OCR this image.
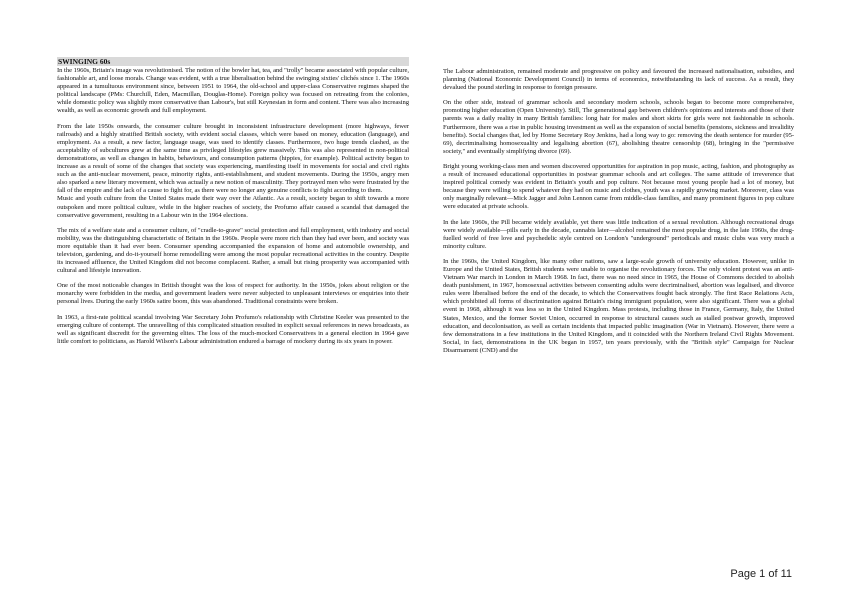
SWINGING 60s

In the 1960s, Britain's image was revolutionised. The notion of the bowler hat, tea, and "trolly" became associated with popular culture, fashionable art, and loose morals. Change was evident, with a true liberalisation behind the swinging sixties' clichés since 1. The 1960s appeared in a tumultuous environment since, between 1951 to 1964, the old-school and upper-class Conservative regimes shaped the political landscape (PMs: Churchill, Eden, Macmillan, Douglas-Home). Foreign policy was focused on retreating from the colonies, while domestic policy was slightly more conservative than Labour's, but still Keynesian in form and content. There was also increasing wealth, as well as economic growth and full employment.

From the late 1950s onwards, the consumer culture brought in inconsistent infrastructure development (more highways, fewer railroads) and a highly stratified British society, with evident social classes, which were based on money, education (language), and employment. As a result, a new factor, language usage, was used to identify classes. Furthermore, two huge trends clashed, as the acceptability of subcultures grew at the same time as privileged lifestyles grew massively. This was also represented in non-political demonstrations, as well as changes in habits, behaviours, and consumption patterns (hippies, for example). Political activity began to increase as a result of some of the changes that society was experiencing, manifesting itself in movements for social and civil rights such as the anti-nuclear movement, peace, minority rights, anti-establishment, and student movements. During the 1950s, angry men also sparked a new literary movement, which was actually a new notion of masculinity. They portrayed men who were frustrated by the fall of the empire and the lack of a cause to fight for, as there were no longer any genuine conflicts to fight according to them.

Music and youth culture from the United States made their way over the Atlantic. As a result, society began to shift towards a more outspoken and more political culture, while in the higher reaches of society, the Profumo affair caused a scandal that damaged the conservative government, resulting in a Labour win in the 1964 elections.

The mix of a welfare state and a consumer culture, of "cradle-to-grave" social protection and full employment, with industry and social mobility, was the distinguishing characteristic of Britain in the 1960s. People were more rich than they had ever been, and society was more equitable than it had ever been. Consumer spending accompanied the expansion of home and automobile ownership, and television, gardening, and do-it-yourself home remodelling were among the most popular recreational activities in the country. Despite its increased affluence, the United Kingdom did not become complacent. Rather, a small but rising prosperity was accompanied with cultural and lifestyle innovation.

One of the most noticeable changes in British thought was the loss of respect for authority. In the 1950s, jokes about religion or the monarchy were forbidden in the media, and government leaders were never subjected to unpleasant interviews or enquiries into their personal lives. During the early 1960s satire boom, this was abandoned. Traditional constraints were broken.

In 1963, a first-rate political scandal involving War Secretary John Profumo's relationship with Christine Keeler was presented to the emerging culture of contempt. The unravelling of this complicated situation resulted in explicit sexual references in news broadcasts, as well as significant discredit for the governing elites. The loss of the much-mocked Conservatives in a general election in 1964 gave little comfort to politicians, as Harold Wilson's Labour administration endured a barrage of mockery during its six years in power.

The Labour administration, remained moderate and progressive on policy and favoured the increased nationalisation, subsidies, and planning (National Economic Development Council) in terms of economics, notwithstanding its lack of success. As a result, they devalued the pound sterling in response to foreign pressure.

On the other side, instead of grammar schools and secondary modern schools, schools began to become more comprehensive, promoting higher education (Open University). Still, The generational gap between children's opinions and interests and those of their parents was a daily reality in many British families: long hair for males and short skirts for girls were not fashionable in schools. Furthermore, there was a rise in public housing investment as well as the expansion of social benefits (pensions, sickness and invalidity benefits). Social changes that, led by Home Secretary Roy Jenkins, had a long way to go: removing the death sentence for murder (95-69), decriminalising homosexuality and legalising abortion (67), abolishing theatre censorship (68), bringing in the "permissive society," and eventually simplifying divorce (69).

Bright young working-class men and women discovered opportunities for aspiration in pop music, acting, fashion, and photography as a result of increased educational opportunities in postwar grammar schools and art colleges. The same attitude of irreverence that inspired political comedy was evident in Britain's youth and pop culture. Not because most young people had a lot of money, but because they were willing to spend whatever they had on music and clothes, youth was a rapidly growing market. Moreover, class was only marginally relevant—Mick Jagger and John Lennon came from middle-class families, and many prominent figures in pop culture were educated at private schools.

In the late 1960s, the Pill became widely available, yet there was little indication of a sexual revolution. Although recreational drugs were widely available—pills early in the decade, cannabis later—alcohol remained the most popular drug, in the late 1960s, the drug-fuelled world of free love and psychedelic style centred on London's "underground" periodicals and music clubs was very much a minority culture.

In the 1960s, the United Kingdom, like many other nations, saw a large-scale growth of university education. However, unlike in Europe and the United States, British students were unable to organise the revolutionary forces. The only violent protest was an anti-Vietnam War march in London in March 1968. In fact, there was no need since in 1965, the House of Commons decided to abolish death punishment, in 1967, homosexual activities between consenting adults were decriminalised, abortion was legalised, and divorce rules were liberalised before the end of the decade, to which the Conservatives fought back strongly. The first Race Relations Acts, which prohibited all forms of discrimination against Britain's rising immigrant population, were also significant. There was a global event in 1968, although it was less so in the United Kingdom. Mass protests, including those in France, Germany, Italy, the United States, Mexico, and the former Soviet Union, occurred in response to structural causes such as stalled postwar growth, improved education, and decolonisation, as well as certain incidents that impacted public imagination (War in Vietnam). However, there were a few demonstrations in a few institutions in the United Kingdom, and it coincided with the Northern Ireland Civil Rights Movement. Social, in fact, demonstrations in the UK began in 1957, ten years previously, with the "British style" Campaign for Nuclear Disarmament (CND) and the

Page 1 of 11
